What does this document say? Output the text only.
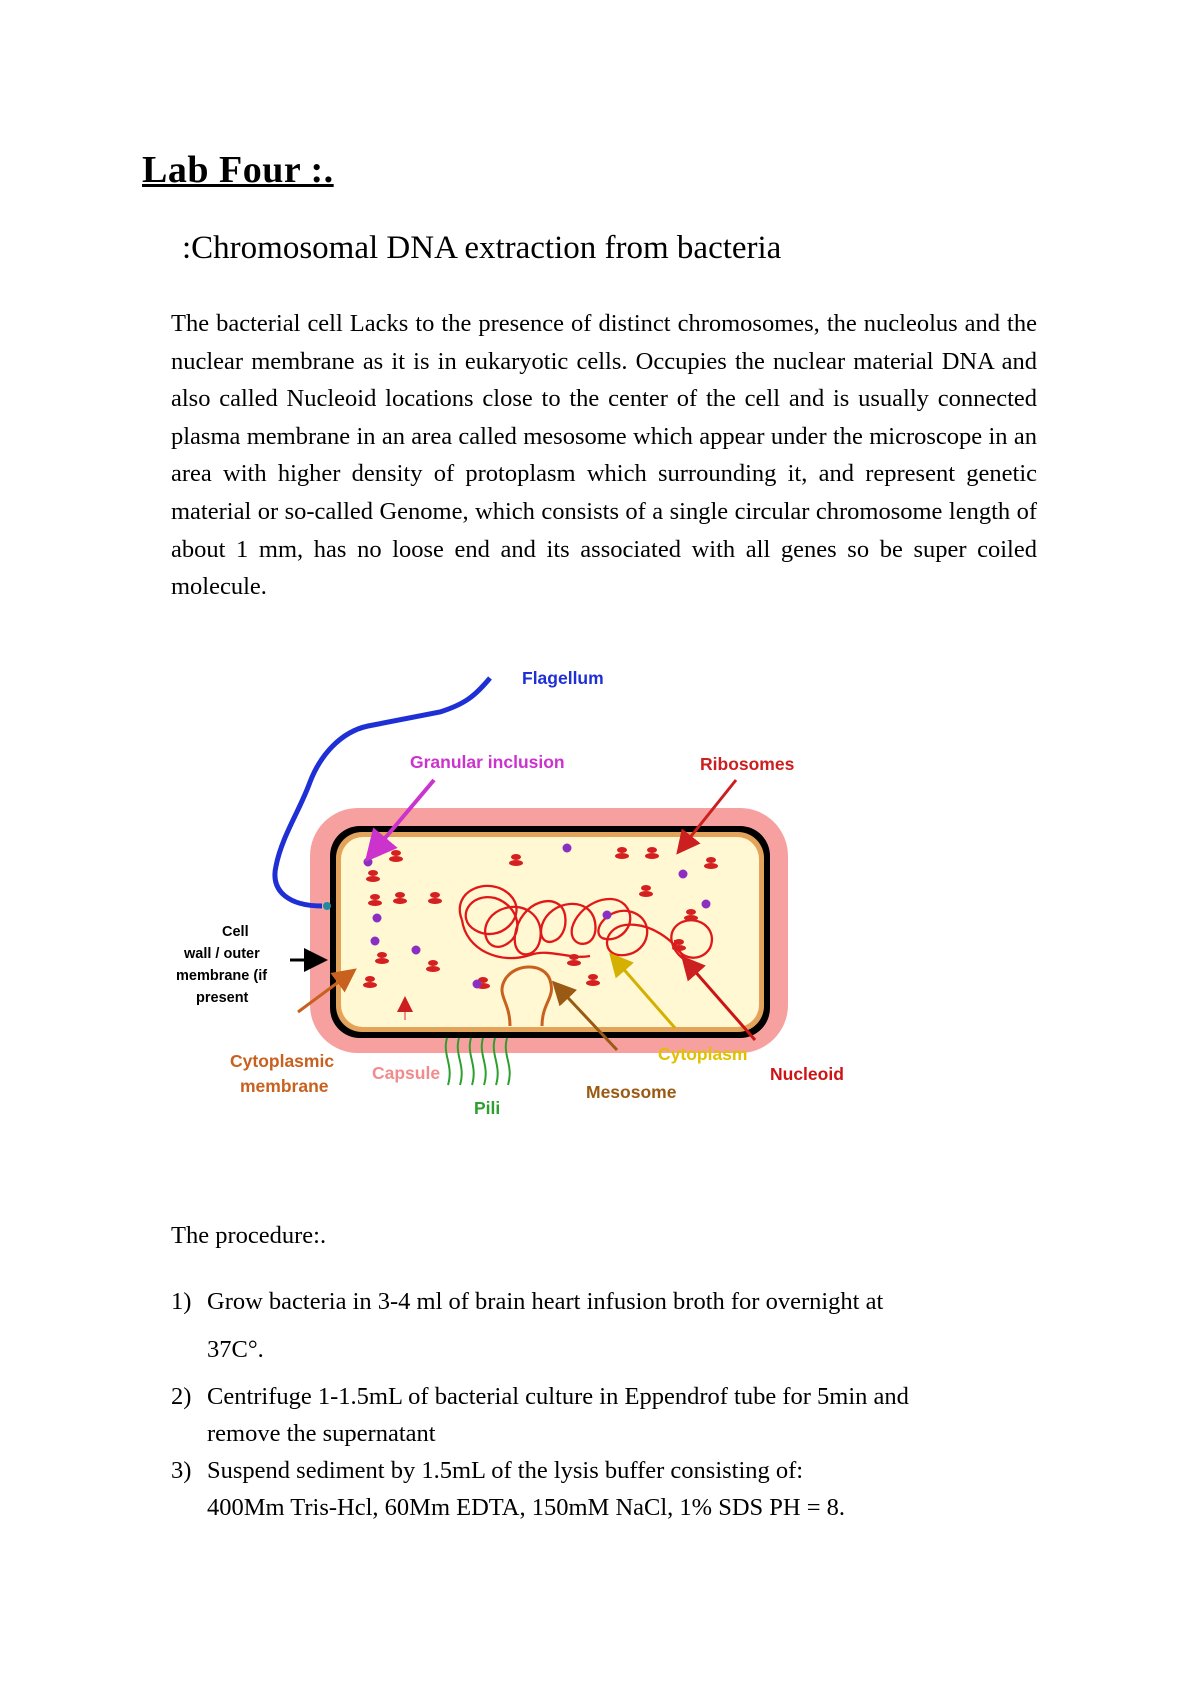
Lab Four :.
:Chromosomal DNA extraction from bacteria

The bacterial cell Lacks to the presence of distinct chromosomes, the nucleolus and the nuclear membrane as it is in eukaryotic cells. Occupies the nuclear material DNA and also called Nucleoid locations close to the center of the cell and is usually connected plasma membrane in an area called mesosome which appear under the microscope in an area with higher density of protoplasm which surrounding it, and represent genetic material or so-called Genome, which consists of a single circular chromosome length of about 1 mm, has no loose end and its associated with all genes so be super coiled molecule.

Flagellum
Granular inclusion	Ribosomes
Cell
wall / outer
membrane (if
present
Cytoplasmic
membrane
Capsule
Pili
Mesosome
Cytoplasm
Nucleoid
The procedure:.
1) Grow bacteria in 3-4 ml of brain heart infusion broth for overnight at
37C°.
2) Centrifuge 1-1.5mL of bacterial culture in Eppendrof tube for 5min and
remove the supernatant
3) Suspend sediment by 1.5mL of the lysis buffer consisting of:
400Mm Tris-Hcl, 60Mm EDTA, 150mM NaCl, 1% SDS PH = 8.
